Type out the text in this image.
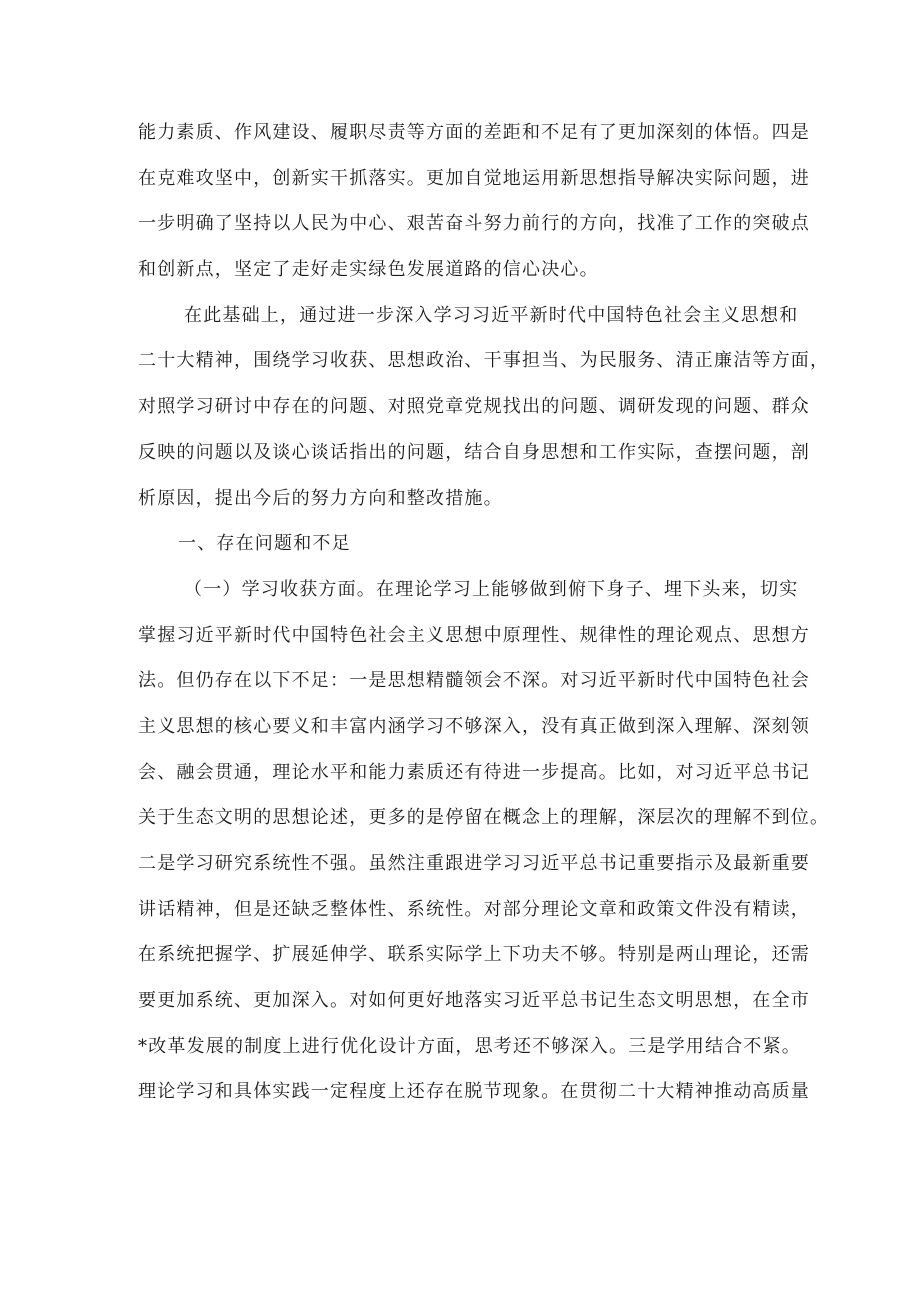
能力素质、作风建设、履职尽责等方面的差距和不足有了更加深刻的体悟。四是
在克难攻坚中，创新实干抓落实。更加自觉地运用新思想指导解决实际问题，进
一步明确了坚持以人民为中心、艰苦奋斗努力前行的方向，找准了工作的突破点
和创新点，坚定了走好走实绿色发展道路的信心决心。
在此基础上，通过进一步深入学习习近平新时代中国特色社会主义思想和
二十大精神，围绕学习收获、思想政治、干事担当、为民服务、清正廉洁等方面，
对照学习研讨中存在的问题、对照党章党规找出的问题、调研发现的问题、群众
反映的问题以及谈心谈话指出的问题，结合自身思想和工作实际，查摆问题，剖
析原因，提出今后的努力方向和整改措施。
一、存在问题和不足
（一）学习收获方面。在理论学习上能够做到俯下身子、埋下头来，切实
掌握习近平新时代中国特色社会主义思想中原理性、规律性的理论观点、思想方
法。但仍存在以下不足：一是思想精髓领会不深。对习近平新时代中国特色社会
主义思想的核心要义和丰富内涵学习不够深入，没有真正做到深入理解、深刻领
会、融会贯通，理论水平和能力素质还有待进一步提高。比如，对习近平总书记
关于生态文明的思想论述，更多的是停留在概念上的理解，深层次的理解不到位。
二是学习研究系统性不强。虽然注重跟进学习习近平总书记重要指示及最新重要
讲话精神，但是还缺乏整体性、系统性。对部分理论文章和政策文件没有精读，
在系统把握学、扩展延伸学、联系实际学上下功夫不够。特别是两山理论，还需
要更加系统、更加深入。对如何更好地落实习近平总书记生态文明思想，在全市
*改革发展的制度上进行优化设计方面，思考还不够深入。三是学用结合不紧。
理论学习和具体实践一定程度上还存在脱节现象。在贯彻二十大精神推动高质量
